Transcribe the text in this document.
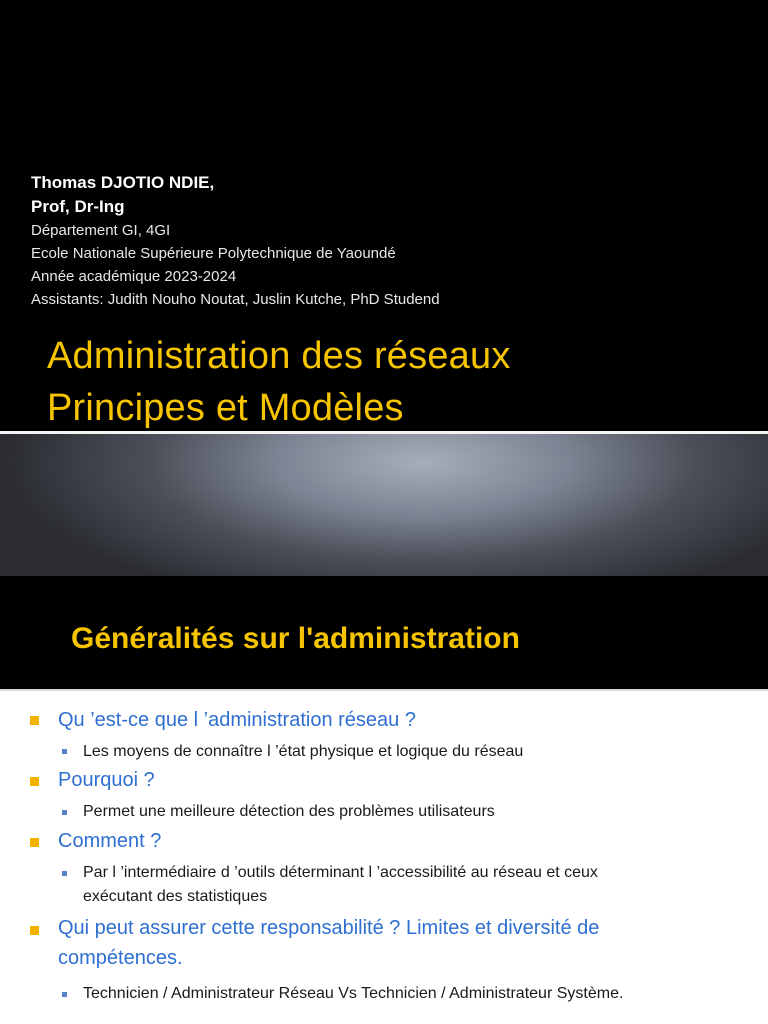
Thomas DJOTIO NDIE,
Prof, Dr-Ing
Département GI, 4GI
Ecole Nationale Supérieure Polytechnique de Yaoundé
Année académique 2023-2024
Assistants: Judith Nouho Noutat, Juslin Kutche, PhD Studend
Administration des réseaux
Principes et Modèles
Généralités sur l'administration
Qu ’est-ce que l ’administration réseau ?
Les moyens de connaître l ’état physique et logique du réseau
Pourquoi ?
Permet une meilleure détection des problèmes utilisateurs
Comment ?
Par l ’intermédiaire d ’outils déterminant l ’accessibilité au réseau et ceux
exécutant des statistiques
Qui peut assurer cette responsabilité ? Limites et diversité de
compétences.
Technicien / Administrateur Réseau Vs Technicien / Administrateur Système.
